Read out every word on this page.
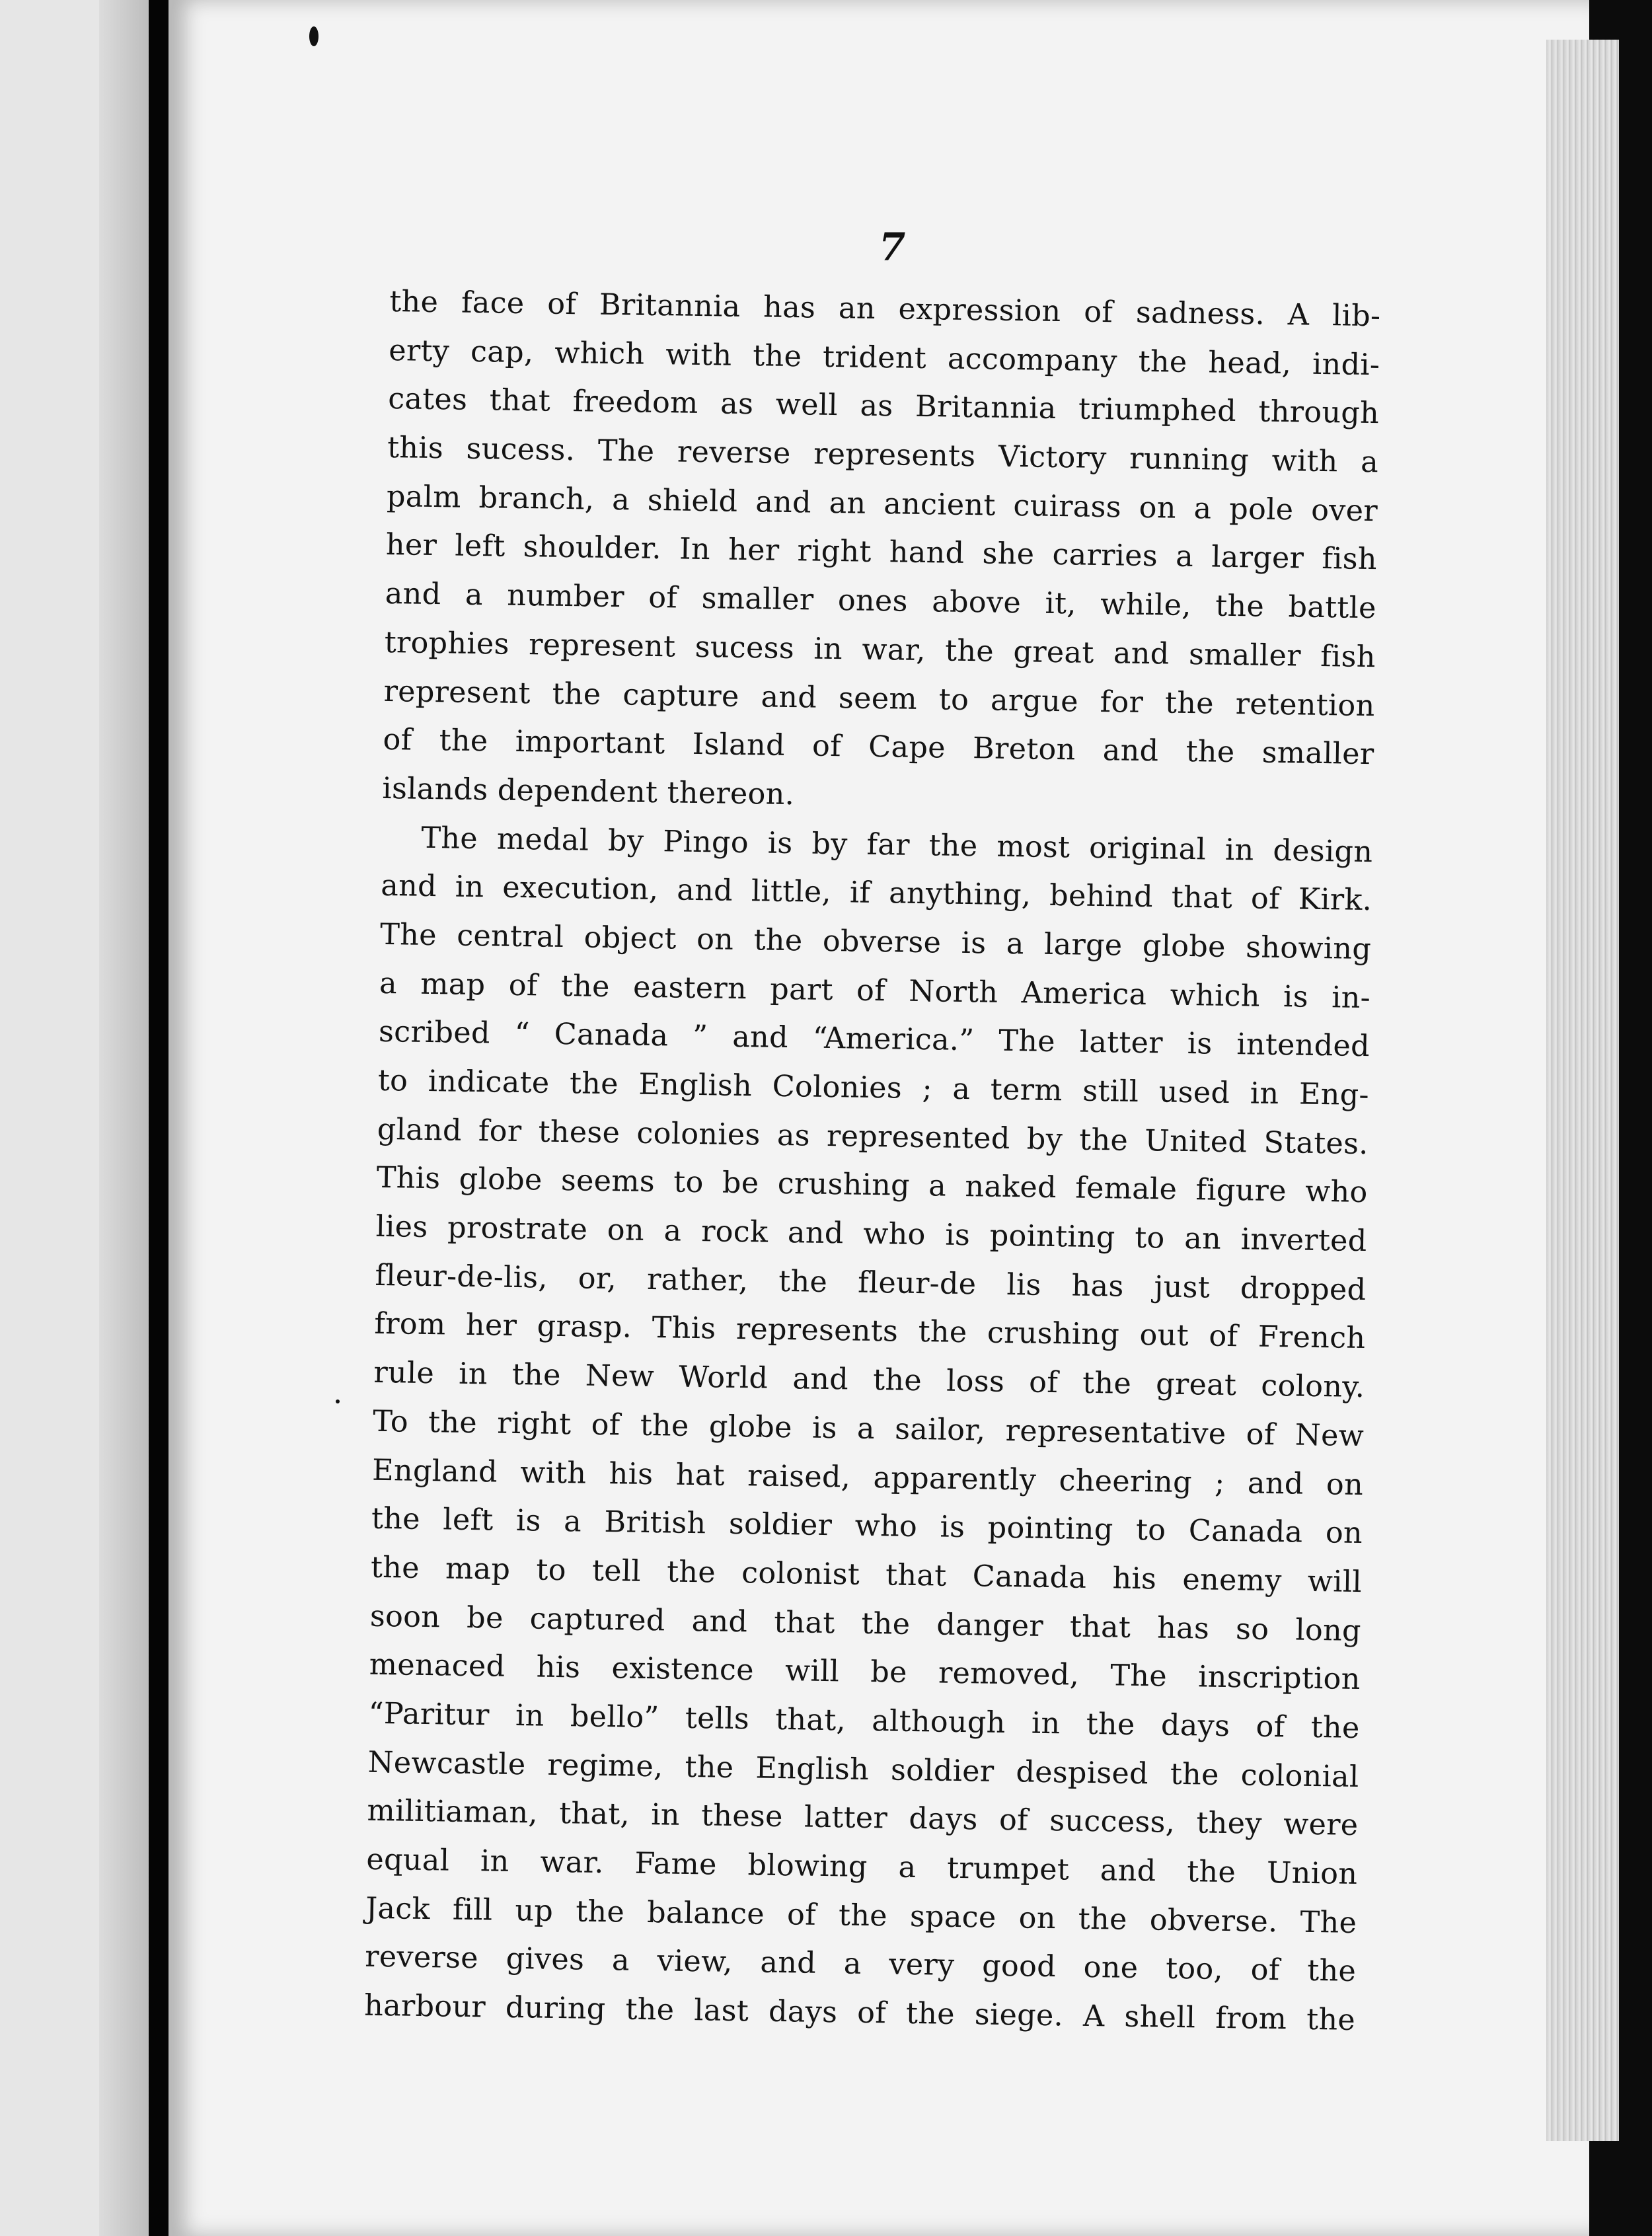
7
the face of Britannia has an expression of sadness. A lib-
erty cap, which with the trident accompany the head, indi-
cates that freedom as well as Britannia triumphed through
this sucess. The reverse represents Victory running with a
palm branch, a shield and an ancient cuirass on a pole over
her left shoulder. In her right hand she carries a larger fish
and a number of smaller ones above it, while, the battle
trophies represent sucess in war, the great and smaller fish
represent the capture and seem to argue for the retention
of the important Island of Cape Breton and the smaller
islands dependent thereon.
The medal by Pingo is by far the most original in design
and in execution, and little, if anything, behind that of Kirk.
The central object on the obverse is a large globe showing
a map of the eastern part of North America which is in-
scribed “ Canada ” and “America.” The latter is intended
to indicate the English Colonies ; a term still used in Eng-
gland for these colonies as represented by the United States.
This globe seems to be crushing a naked female figure who
lies prostrate on a rock and who is pointing to an inverted
fleur-de-lis, or, rather, the fleur-de lis has just dropped
from her grasp. This represents the crushing out of French
rule in the New World and the loss of the great colony.
To the right of the globe is a sailor, representative of New
England with his hat raised, apparently cheering ; and on
the left is a British soldier who is pointing to Canada on
the map to tell the colonist that Canada his enemy will
soon be captured and that the danger that has so long
menaced his existence will be removed, The inscription
“Paritur in bello” tells that, although in the days of the
Newcastle regime, the English soldier despised the colonial
militiaman, that, in these latter days of success, they were
equal in war. Fame blowing a trumpet and the Union
Jack fill up the balance of the space on the obverse. The
reverse gives a view, and a very good one too, of the
harbour during the last days of the siege. A shell from the
